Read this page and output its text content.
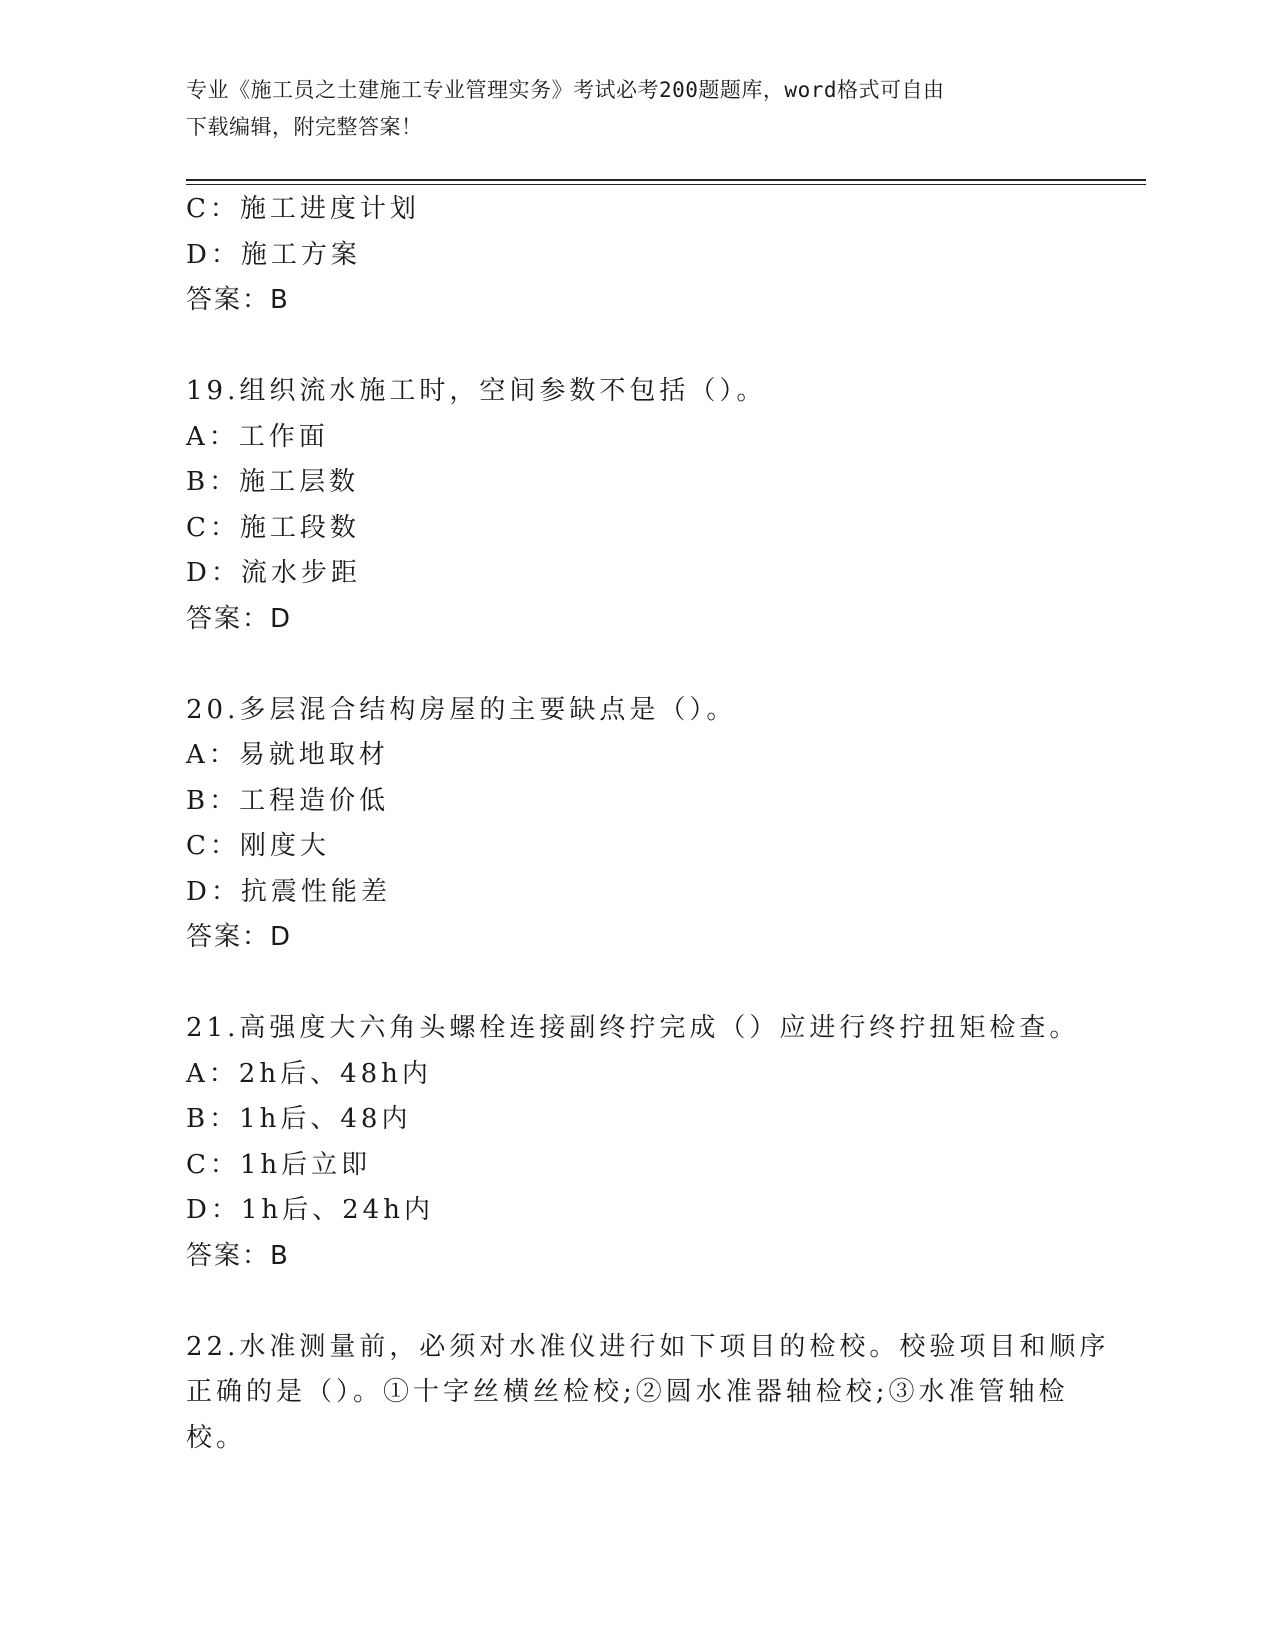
专业《施工员之土建施工专业管理实务》考试必考200题题库，word格式可自由
下载编辑，附完整答案！
C：施工进度计划
D：施工方案
答案：B
19.组织流水施工时，空间参数不包括（）。
A：工作面
B：施工层数
C：施工段数
D：流水步距
答案：D
20.多层混合结构房屋的主要缺点是（）。
A：易就地取材
B：工程造价低
C：刚度大
D：抗震性能差
答案：D
21.高强度大六角头螺栓连接副终拧完成（）应进行终拧扭矩检查。
A：2h后、48h内
B：1h后、48内
C：1h后立即
D：1h后、24h内
答案：B
22.水准测量前，必须对水准仪进行如下项目的检校。校验项目和顺序
正确的是（）。①十字丝横丝检校;②圆水准器轴检校;③水准管轴检
校。
